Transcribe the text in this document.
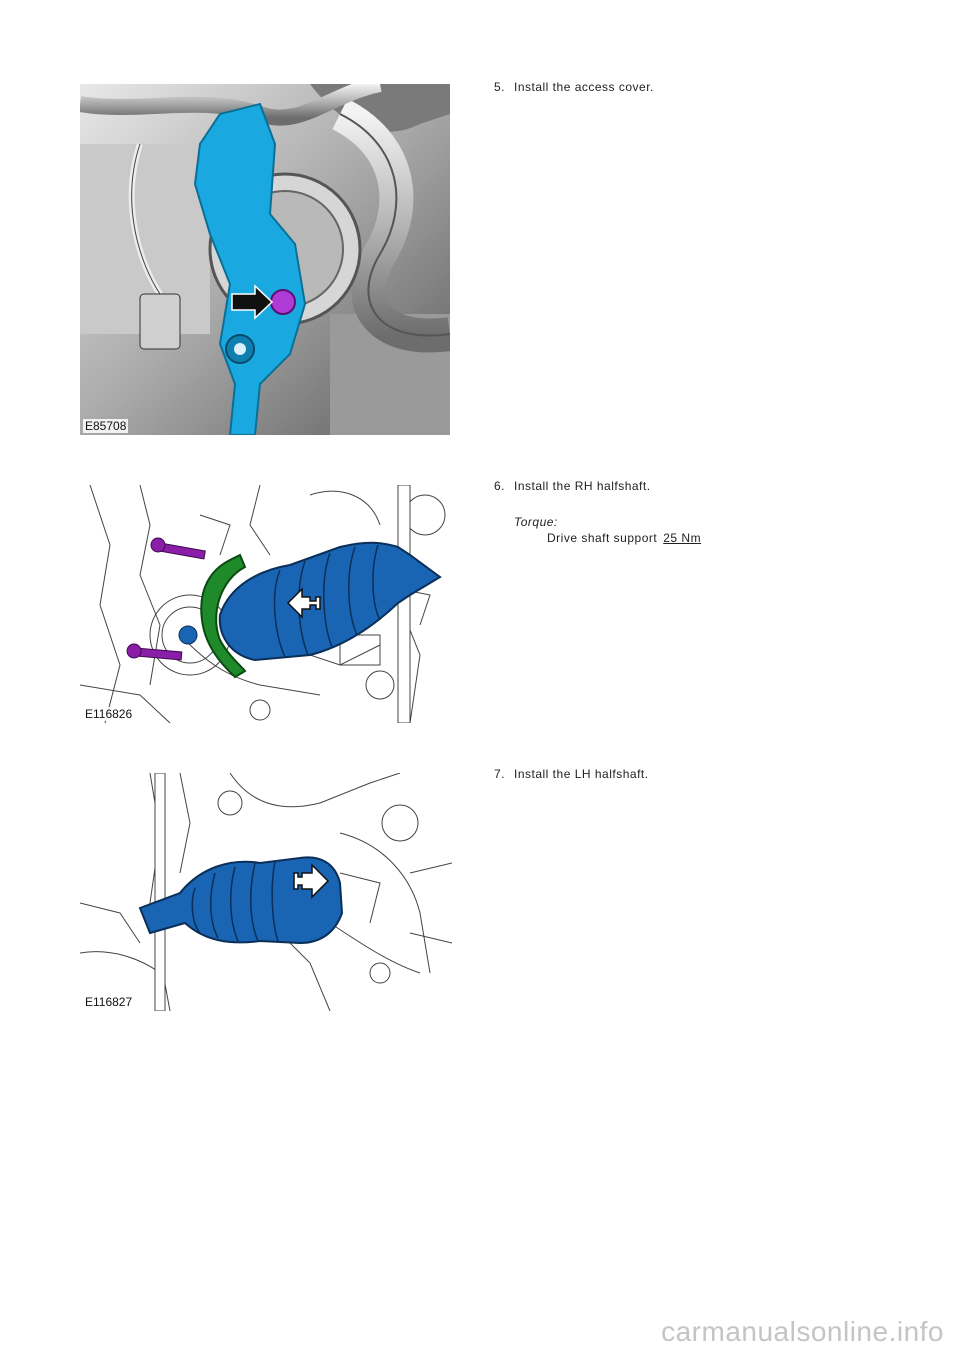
E85708
E116826
E116827
5. Install the access cover.
6. Install the RH halfshaft.
Torque:
Drive shaft support 25 Nm
7. Install the LH halfshaft.
carmanualsonline.info
